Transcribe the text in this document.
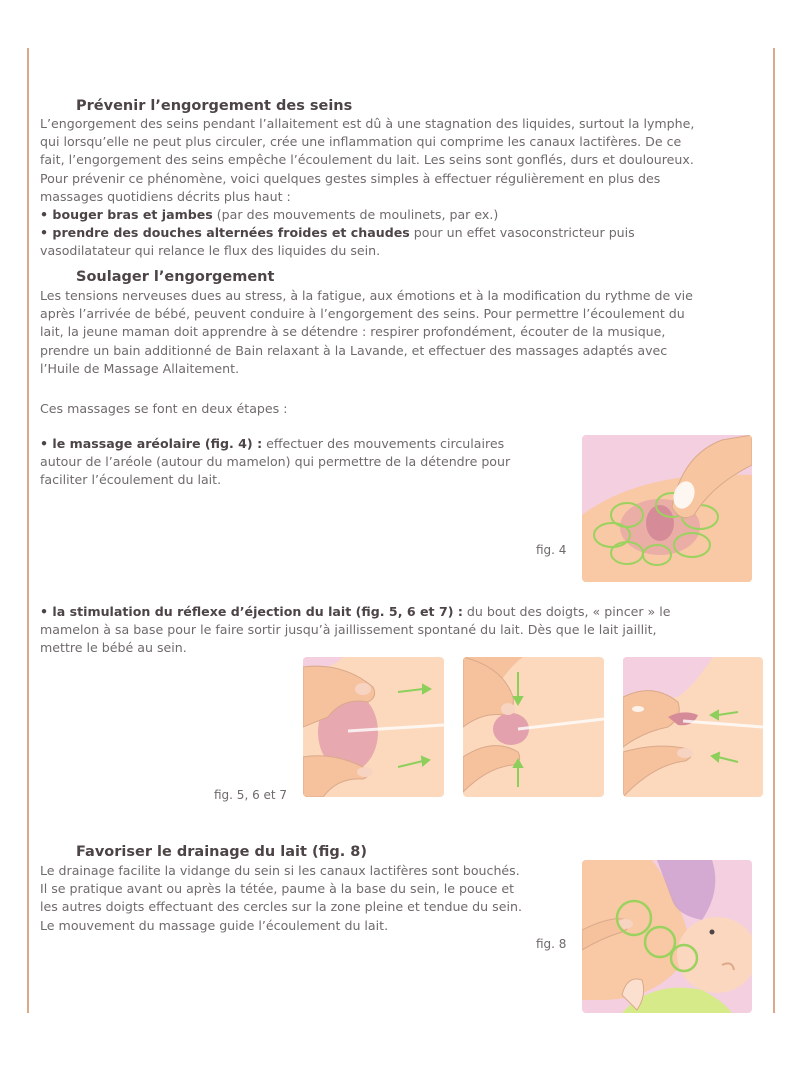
Prévenir l’engorgement des seins
L’engorgement des seins pendant l’allaitement est dû à une stagnation des liquides, surtout la lymphe,
qui lorsqu’elle ne peut plus circuler, crée une inflammation qui comprime les canaux lactifères. De ce
fait, l’engorgement des seins empêche l’écoulement du lait. Les seins sont gonflés, durs et douloureux.
Pour prévenir ce phénomène, voici quelques gestes simples à effectuer régulièrement en plus des
massages quotidiens décrits plus haut :
• bouger bras et jambes (par des mouvements de moulinets, par ex.)
• prendre des douches alternées froides et chaudes pour un effet vasoconstricteur puis
vasodilatateur qui relance le flux des liquides du sein.
Soulager l’engorgement
Les tensions nerveuses dues au stress, à la fatigue, aux émotions et à la modification du rythme de vie
après l’arrivée de bébé, peuvent conduire à l’engorgement des seins. Pour permettre l’écoulement du
lait, la jeune maman doit apprendre à se détendre : respirer profondément, écouter de la musique,
prendre un bain additionné de Bain relaxant à la Lavande, et effectuer des massages adaptés avec
l’Huile de Massage Allaitement.
Ces massages se font en deux étapes :
• le massage aréolaire (fig. 4) : effectuer des mouvements circulaires
autour de l’aréole (autour du mamelon) qui permettre de la détendre pour
faciliter l’écoulement du lait.
fig. 4
• la stimulation du réflexe d’éjection du lait (fig. 5, 6 et 7) : du bout des doigts, « pincer » le
mamelon à sa base pour le faire sortir jusqu’à jaillissement spontané du lait. Dès que le lait jaillit,
mettre le bébé au sein.
fig. 5, 6 et 7
Favoriser le drainage du lait (fig. 8)
Le drainage facilite la vidange du sein si les canaux lactifères sont bouchés.
Il se pratique avant ou après la tétée, paume à la base du sein, le pouce et
les autres doigts effectuant des cercles sur la zone pleine et tendue du sein.
Le mouvement du massage guide l’écoulement du lait.
fig. 8
